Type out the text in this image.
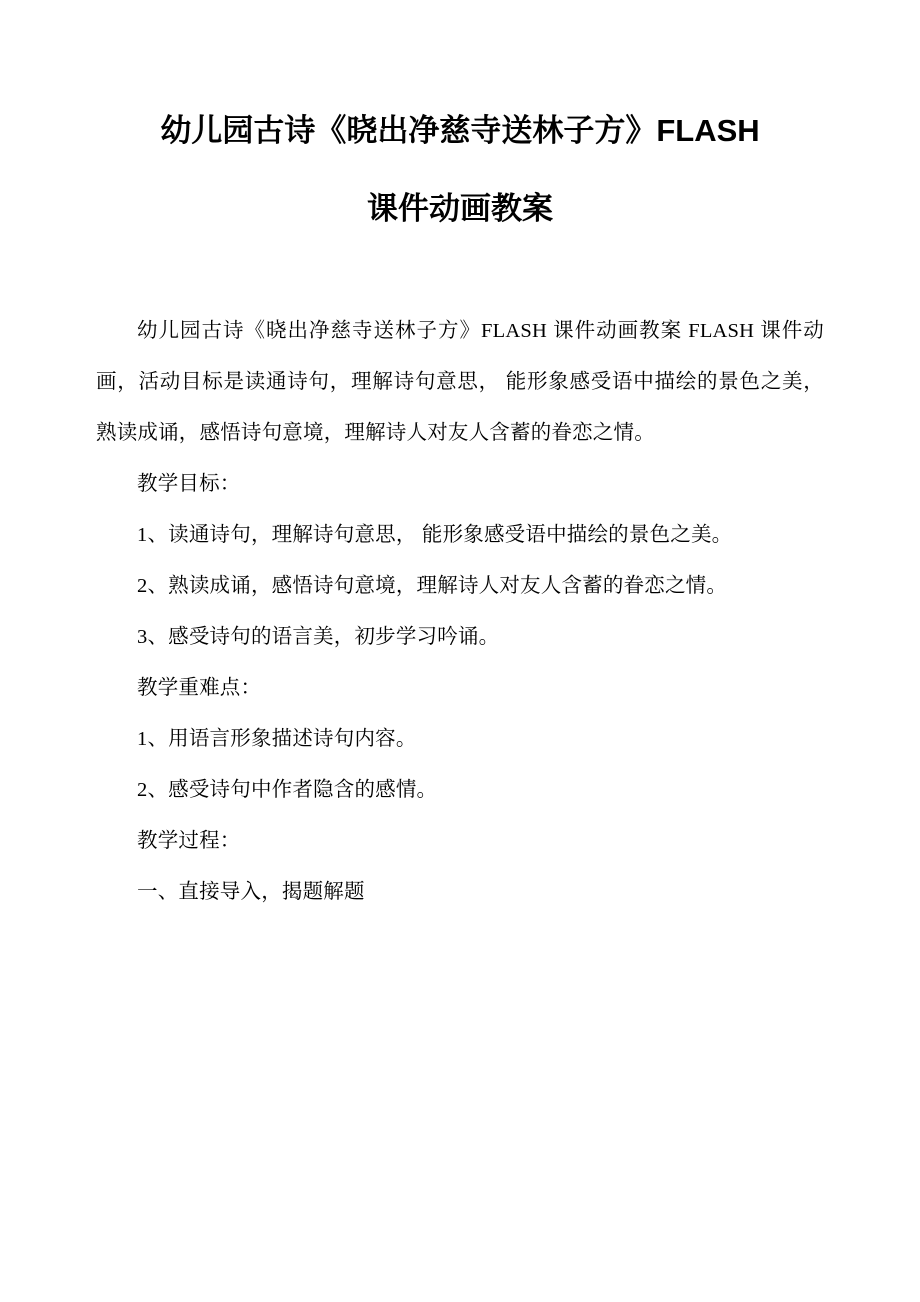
幼儿园古诗《晓出净慈寺送林子方》FLASH
课件动画教案

幼儿园古诗《晓出净慈寺送林子方》FLASH 课件动画教案 FLASH 课件动画，活动目标是读通诗句，理解诗句意思， 能形象感受语中描绘的景色之美，熟读成诵，感悟诗句意境，理解诗人对友人含蓄的眷恋之情。

教学目标：

1、读通诗句，理解诗句意思， 能形象感受语中描绘的景色之美。

2、熟读成诵，感悟诗句意境，理解诗人对友人含蓄的眷恋之情。

3、感受诗句的语言美，初步学习吟诵。

教学重难点：

1、用语言形象描述诗句内容。

2、感受诗句中作者隐含的感情。

教学过程：

一、直接导入，揭题解题
